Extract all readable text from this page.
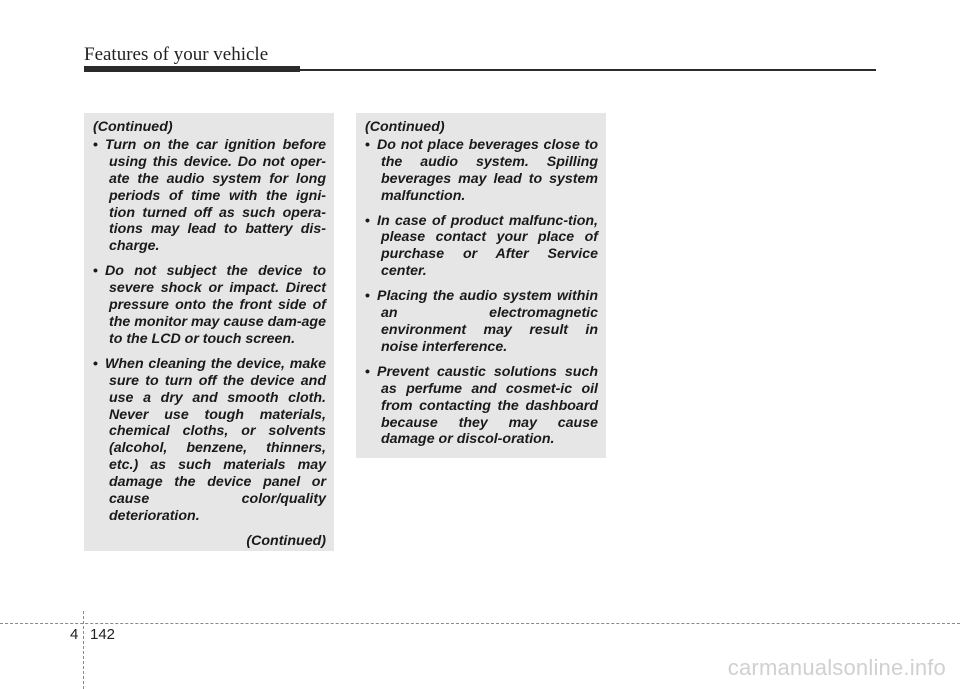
Features of your vehicle
(Continued)
• Turn on the car ignition before using this device. Do not oper-ate the audio system for long periods of time with the igni-tion turned off as such opera-tions may lead to battery dis-charge.
• Do not subject the device to severe shock or impact. Direct pressure onto the front side of the monitor may cause dam-age to the LCD or touch screen.
• When cleaning the device, make sure to turn off the device and use a dry and smooth cloth. Never use tough materials, chemical cloths, or solvents (alcohol, benzene, thinners, etc.) as such materials may damage the device panel or cause color/quality deterioration.
(Continued)
(Continued)
• Do not place beverages close to the audio system. Spilling beverages may lead to system malfunction.
• In case of product malfunc-tion, please contact your place of purchase or After Service center.
• Placing the audio system within an electromagnetic environment may result in noise interference.
• Prevent caustic solutions such as perfume and cosmet-ic oil from contacting the dashboard because they may cause damage or discol-oration.
4 142
carmanualsonline.info
